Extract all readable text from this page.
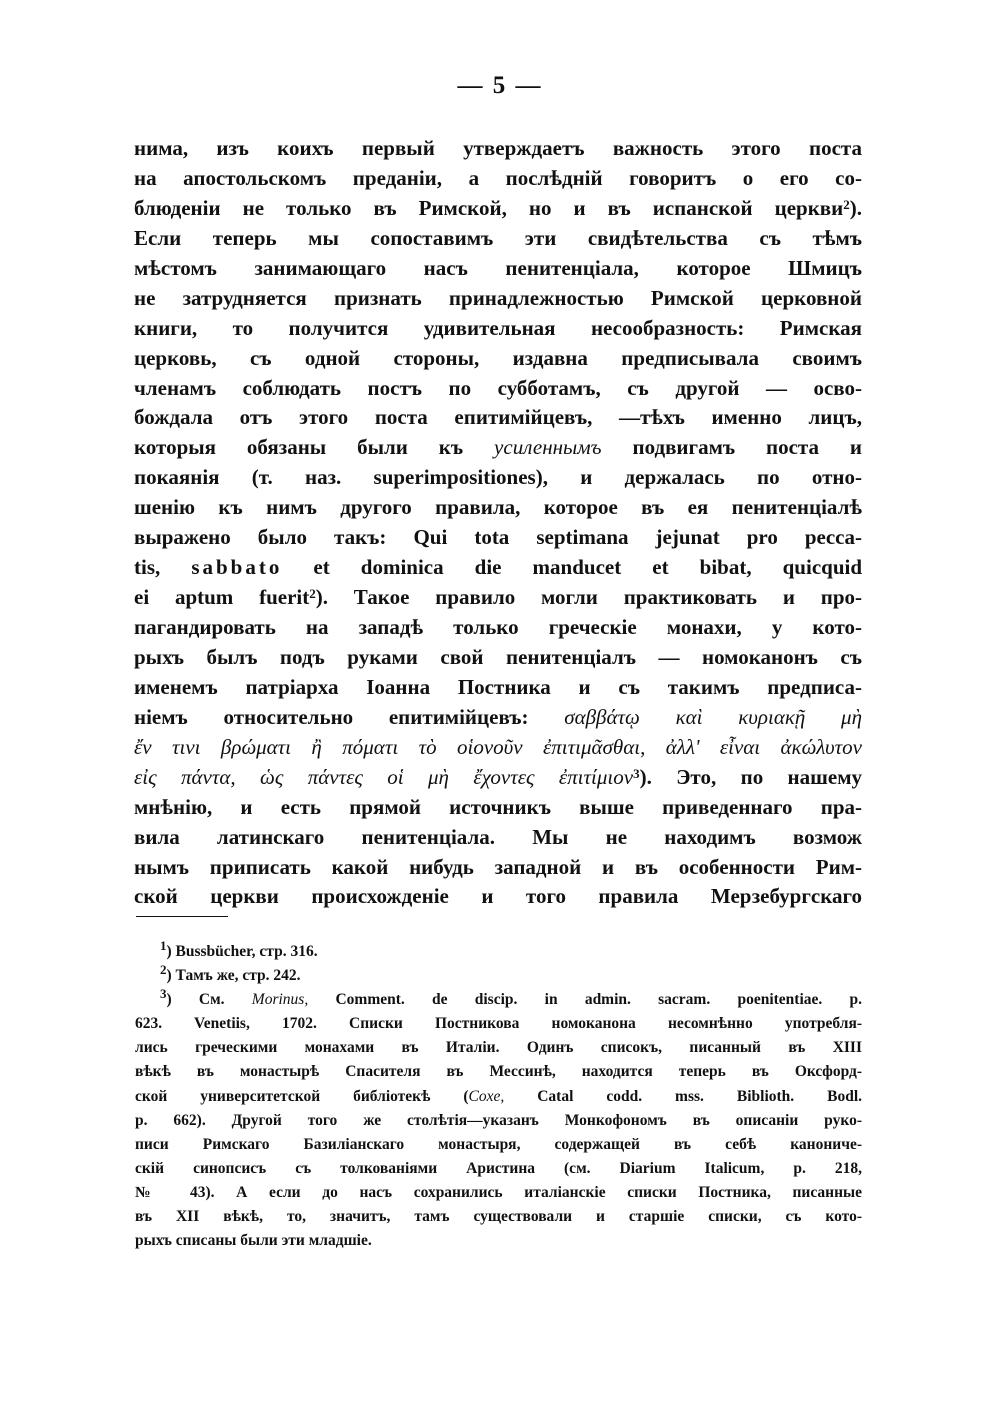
— 5 —
нима, изъ коихъ первый утверждаетъ важность этого поста
на апостольскомъ преданіи, а послѣдній говоритъ о его со-
блюденіи не только въ Римской, но и въ испанской церкви$^2$).
Если теперь мы сопоставимъ эти свидѣтельства съ тѣмъ
мѣстомъ занимающаго насъ пенитенціала, которое Шмицъ
не затрудняется признать принадлежностью Римской церковной
книги, то получится удивительная несообразность: Римская
церковь, съ одной стороны, издавна предписывала своимъ
членамъ соблюдать постъ по субботамъ, съ другой — осво-
бождала отъ этого поста епитимійцевъ, —тѣхъ именно лицъ,
которыя обязаны были къ усиленнымъ подвигамъ поста и
покаянія (т. наз. superimpositiones), и держалась по отно-
шенію къ нимъ другого правила, которое въ ея пенитенціалѣ
выражено было такъ: Qui tota septimana jejunat pro pecca-
tis, sabbato et dominica die manducet et bibat, quicquid
ei aptum fuerit$^2$). Такое правило могли практиковать и про-
пагандировать на западѣ только греческіе монахи, у кото-
рыхъ былъ подъ руками свой пенитенціалъ — номоканонъ съ
именемъ патріарха Іоанна Постника и съ такимъ предписа-
ніемъ относительно епитимійцевъ: σαββάτῳ καὶ κυριακῇ μὴ
ἔν τινι βρώματι ἢ πόματι τὸ οἱονοῦν ἐπιτιμᾶσθαι, ἀλλ' εἶναι ἀκώλυτον
εἰς πάντα, ὡς πάντες οἱ μὴ ἔχοντες ἐπιτίμιον$^3$). Это, по нашему
мнѣнію, и есть прямой источникъ выше приведеннаго пра-
вила латинскаго пенитенціала. Мы не находимъ возмож
нымъ приписать какой нибудь западной и въ особенности Рим-
ской церкви происхожденіе и того правила Мерзебургскаго
$^1$) Bussbücher, стр. 316.
$^2$) Тамъ же, стр. 242.
$^3$) См. Morinus, Comment. de discip. in admin. sacram. poenitentiae. p.
623. Venetiis, 1702. Списки Постникова номоканона несомнѣнно употребля-
лись греческими монахами въ Италіи. Одинъ списокъ, писанный въ XIII
вѣкѣ въ монастырѣ Спасителя въ Мессинѣ, находится теперь въ Оксфорд-
ской университетской библіотекѣ (Coxe, Catal codd. mss. Biblioth. Bodl.
p. 662). Другой того же столѣтія—указанъ Монкофономъ въ описаніи руко-
писи Римскаго Базиліанскаго монастыря, содержащей въ себѣ канониче-
скій синопсисъ съ толкованіями Аристина (см. Diarium Italicum, p. 218,
№ 43). А если до насъ сохранились италіанскіе списки Постника, писанные
въ XII вѣкѣ, то, значитъ, тамъ существовали и старшіе списки, съ кото-
рыхъ списаны были эти младшіе.
